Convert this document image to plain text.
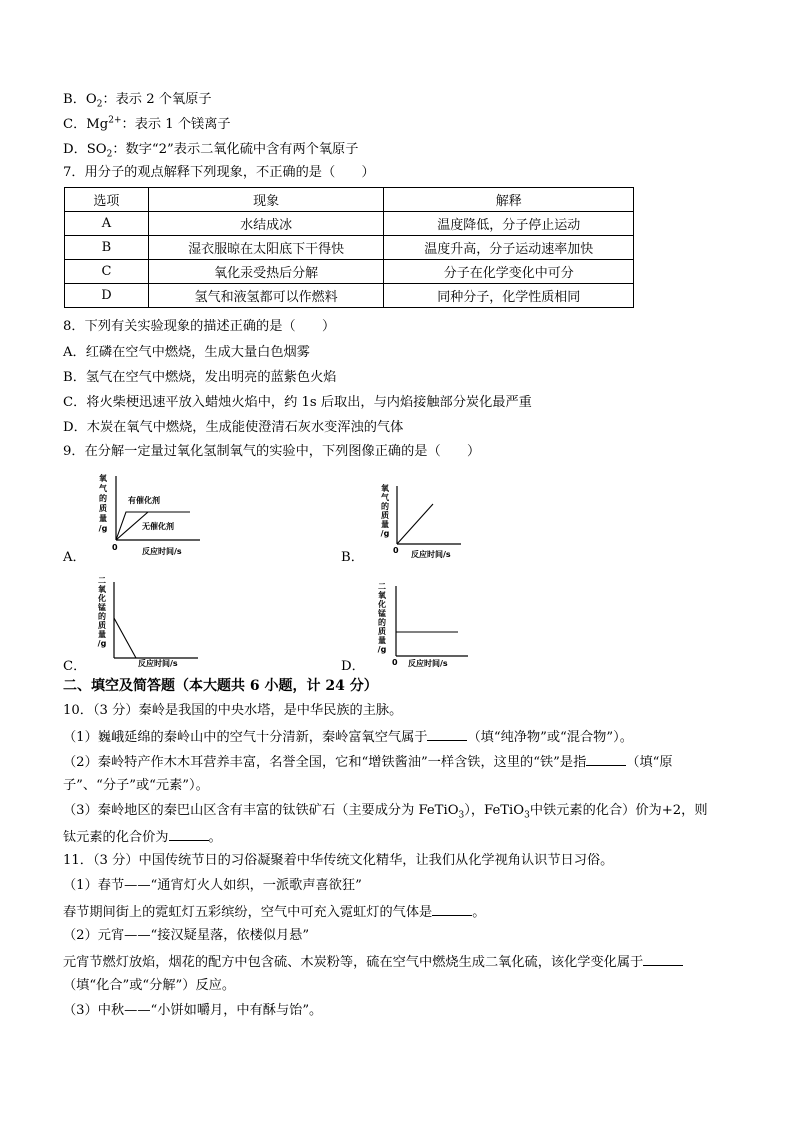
B．$O_2$：表示 2 个氧原子
C．$Mg^{2+}$：表示 1 个镁离子
D．$SO_2$：数字“2”表示二氧化硫中含有两个氧原子
7．用分子的观点解释下列现象，不正确的是（　　）
选项	现象	解释
A	水结成冰	温度降低，分子停止运动
B	湿衣服晾在太阳底下干得快	温度升高，分子运动速率加快
C	氧化汞受热后分解	分子在化学变化中可分
D	氢气和液氢都可以作燃料	同种分子，化学性质相同
8．下列有关实验现象的描述正确的是（　　）
A．红磷在空气中燃烧，生成大量白色烟雾
B．氢气在空气中燃烧，发出明亮的蓝紫色火焰
C．将火柴梗迅速平放入蜡烛火焰中，约 1s 后取出，与内焰接触部分炭化最严重
D．木炭在氧气中燃烧，生成能使澄清石灰水变浑浊的气体
9．在分解一定量过氧化氢制氧气的实验中，下列图像正确的是（　　）
A．	B．
C．	D．
氧
气
的
质
量
/g
有催化剂
无催化剂
0	反应时间/s
氧
气
的
质
量
/g
0 反应时间/s
二
氧
化
锰
的
质
量
/g
反应时间/s
二
氧
化
锰
的
质
量
/g
0 反应时间/s
二、填空及简答题（本大题共 6 小题，计 24 分）
10．（3 分）秦岭是我国的中央水塔，是中华民族的主脉。
（1）巍峨延绵的秦岭山中的空气十分清新，秦岭富氧空气属于	（填“纯净物”或“混合物”）。
（2）秦岭特产作木木耳营养丰富，名誉全国，它和“增铁酱油”一样含铁，这里的“铁”是指	（填“原
子”、“分子”或“元素”）。
（3）秦岭地区的秦巴山区含有丰富的钛铁矿石（主要成分为 FeTiO$_3$），FeTiO$_3$中铁元素的化合）价为+2，则
钛元素的化合价为	。
11．（3 分）中国传统节日的习俗凝聚着中华传统文化精华，让我们从化学视角认识节日习俗。
（1）春节——“通宵灯火人如织，一派歌声喜欲狂”
春节期间街上的霓虹灯五彩缤纷，空气中可充入霓虹灯的气体是	。
（2）元宵——“接汉疑星落，依楼似月悬”
元宵节燃灯放焰，烟花的配方中包含硫、木炭粉等，硫在空气中燃烧生成二氧化硫，该化学变化属于
（填“化合”或“分解”）反应。
（3）中秋——“小饼如嚼月，中有酥与饴”。
